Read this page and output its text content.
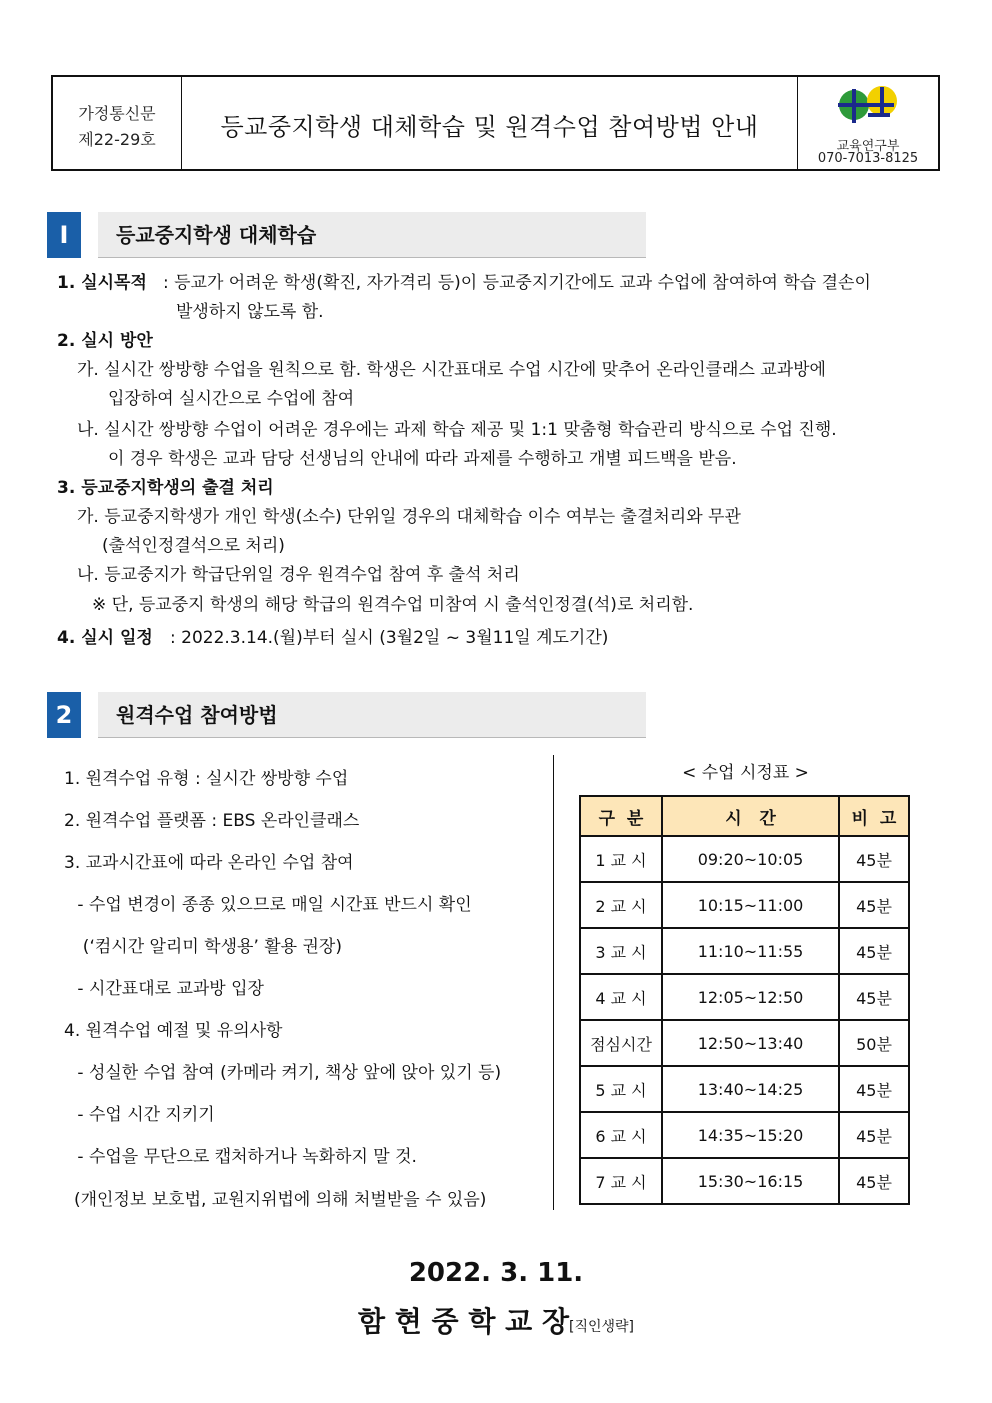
가정통신문
제22-29호	등교중지학생 대체학습 및 원격수업 참여방법 안내
교육연구부
070-7013-8125
Ⅰ	등교중지학생 대체학습
1. 실시목적 : 등교가 어려운 학생(확진, 자가격리 등)이 등교중지기간에도 교과 수업에 참여하여 학습 결손이
발생하지 않도록 함.
2. 실시 방안
가. 실시간 쌍방향 수업을 원칙으로 함. 학생은 시간표대로 수업 시간에 맞추어 온라인클래스 교과방에
입장하여 실시간으로 수업에 참여
나. 실시간 쌍방향 수업이 어려운 경우에는 과제 학습 제공 및 1:1 맞춤형 학습관리 방식으로 수업 진행.
이 경우 학생은 교과 담당 선생님의 안내에 따라 과제를 수행하고 개별 피드백을 받음.
3. 등교중지학생의 출결 처리
가. 등교중지학생가 개인 학생(소수) 단위일 경우의 대체학습 이수 여부는 출결처리와 무관
(출석인정결석으로 처리)
나. 등교중지가 학급단위일 경우 원격수업 참여 후 출석 처리
※ 단, 등교중지 학생의 해당 학급의 원격수업 미참여 시 출석인정결(석)로 처리함.
4. 실시 일정 : 2022.3.14.(월)부터 실시 (3월2일 ~ 3월11일 계도기간)
2	원격수업 참여방법
1. 원격수업 유형 : 실시간 쌍방향 수업
2. 원격수업 플랫폼 : EBS 온라인클래스
3. 교과시간표에 따라 온라인 수업 참여
- 수업 변경이 종종 있으므로 매일 시간표 반드시 확인
(‘컴시간 알리미 학생용’ 활용 권장)
- 시간표대로 교과방 입장
4. 원격수업 예절 및 유의사항
- 성실한 수업 참여 (카메라 켜기, 책상 앞에 앉아 있기 등)
- 수업 시간 지키기
- 수업을 무단으로 캡처하거나 녹화하지 말 것.
(개인정보 보호법, 교원지위법에 의해 처벌받을 수 있음)
< 수업 시정표 >
구  분	시   간	비  고
1 교 시	09:20~10:05	45분
2 교 시	10:15~11:00	45분
3 교 시	11:10~11:55	45분
4 교 시	12:05~12:50	45분
점심시간	12:50~13:40	50분
5 교 시	13:40~14:25	45분
6 교 시	14:35~15:20	45분
7 교 시	15:30~16:15	45분
2022. 3. 11.
함 현 중 학 교 장[직인생략]
